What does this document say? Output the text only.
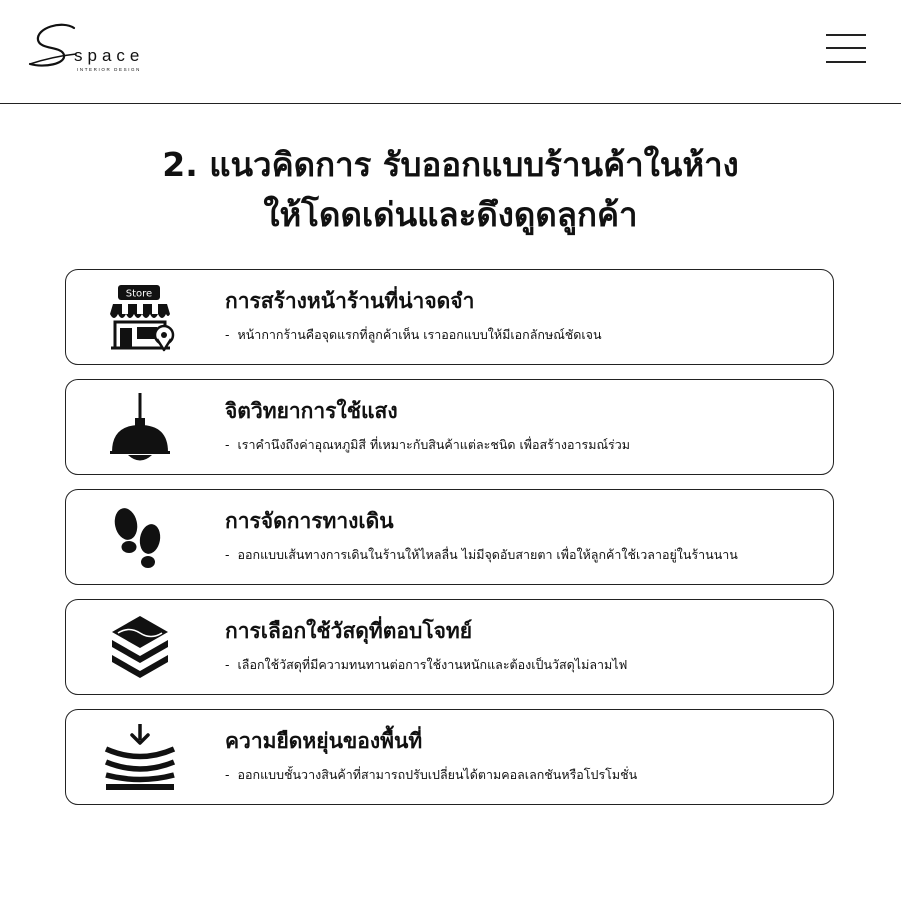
space
INTERIOR DESIGN
2. แนวคิดการ รับออกแบบร้านค้าในห้าง
ให้โดดเด่นและดึงดูดลูกค้า
Store	การสร้างหน้าร้านที่น่าจดจำ
- หน้ากากร้านคือจุดแรกที่ลูกค้าเห็น เราออกแบบให้มีเอกลักษณ์ชัดเจน
จิตวิทยาการใช้แสง
- เราคำนึงถึงค่าอุณหภูมิสี ที่เหมาะกับสินค้าแต่ละชนิด เพื่อสร้างอารมณ์ร่วม
การจัดการทางเดิน
- ออกแบบเส้นทางการเดินในร้านให้ไหลลื่น ไม่มีจุดอับสายตา เพื่อให้ลูกค้าใช้เวลาอยู่ในร้านนาน
การเลือกใช้วัสดุที่ตอบโจทย์
- เลือกใช้วัสดุที่มีความทนทานต่อการใช้งานหนักและต้องเป็นวัสดุไม่ลามไฟ
ความยืดหยุ่นของพื้นที่
- ออกแบบชั้นวางสินค้าที่สามารถปรับเปลี่ยนได้ตามคอลเลกชันหรือโปรโมชั่น
